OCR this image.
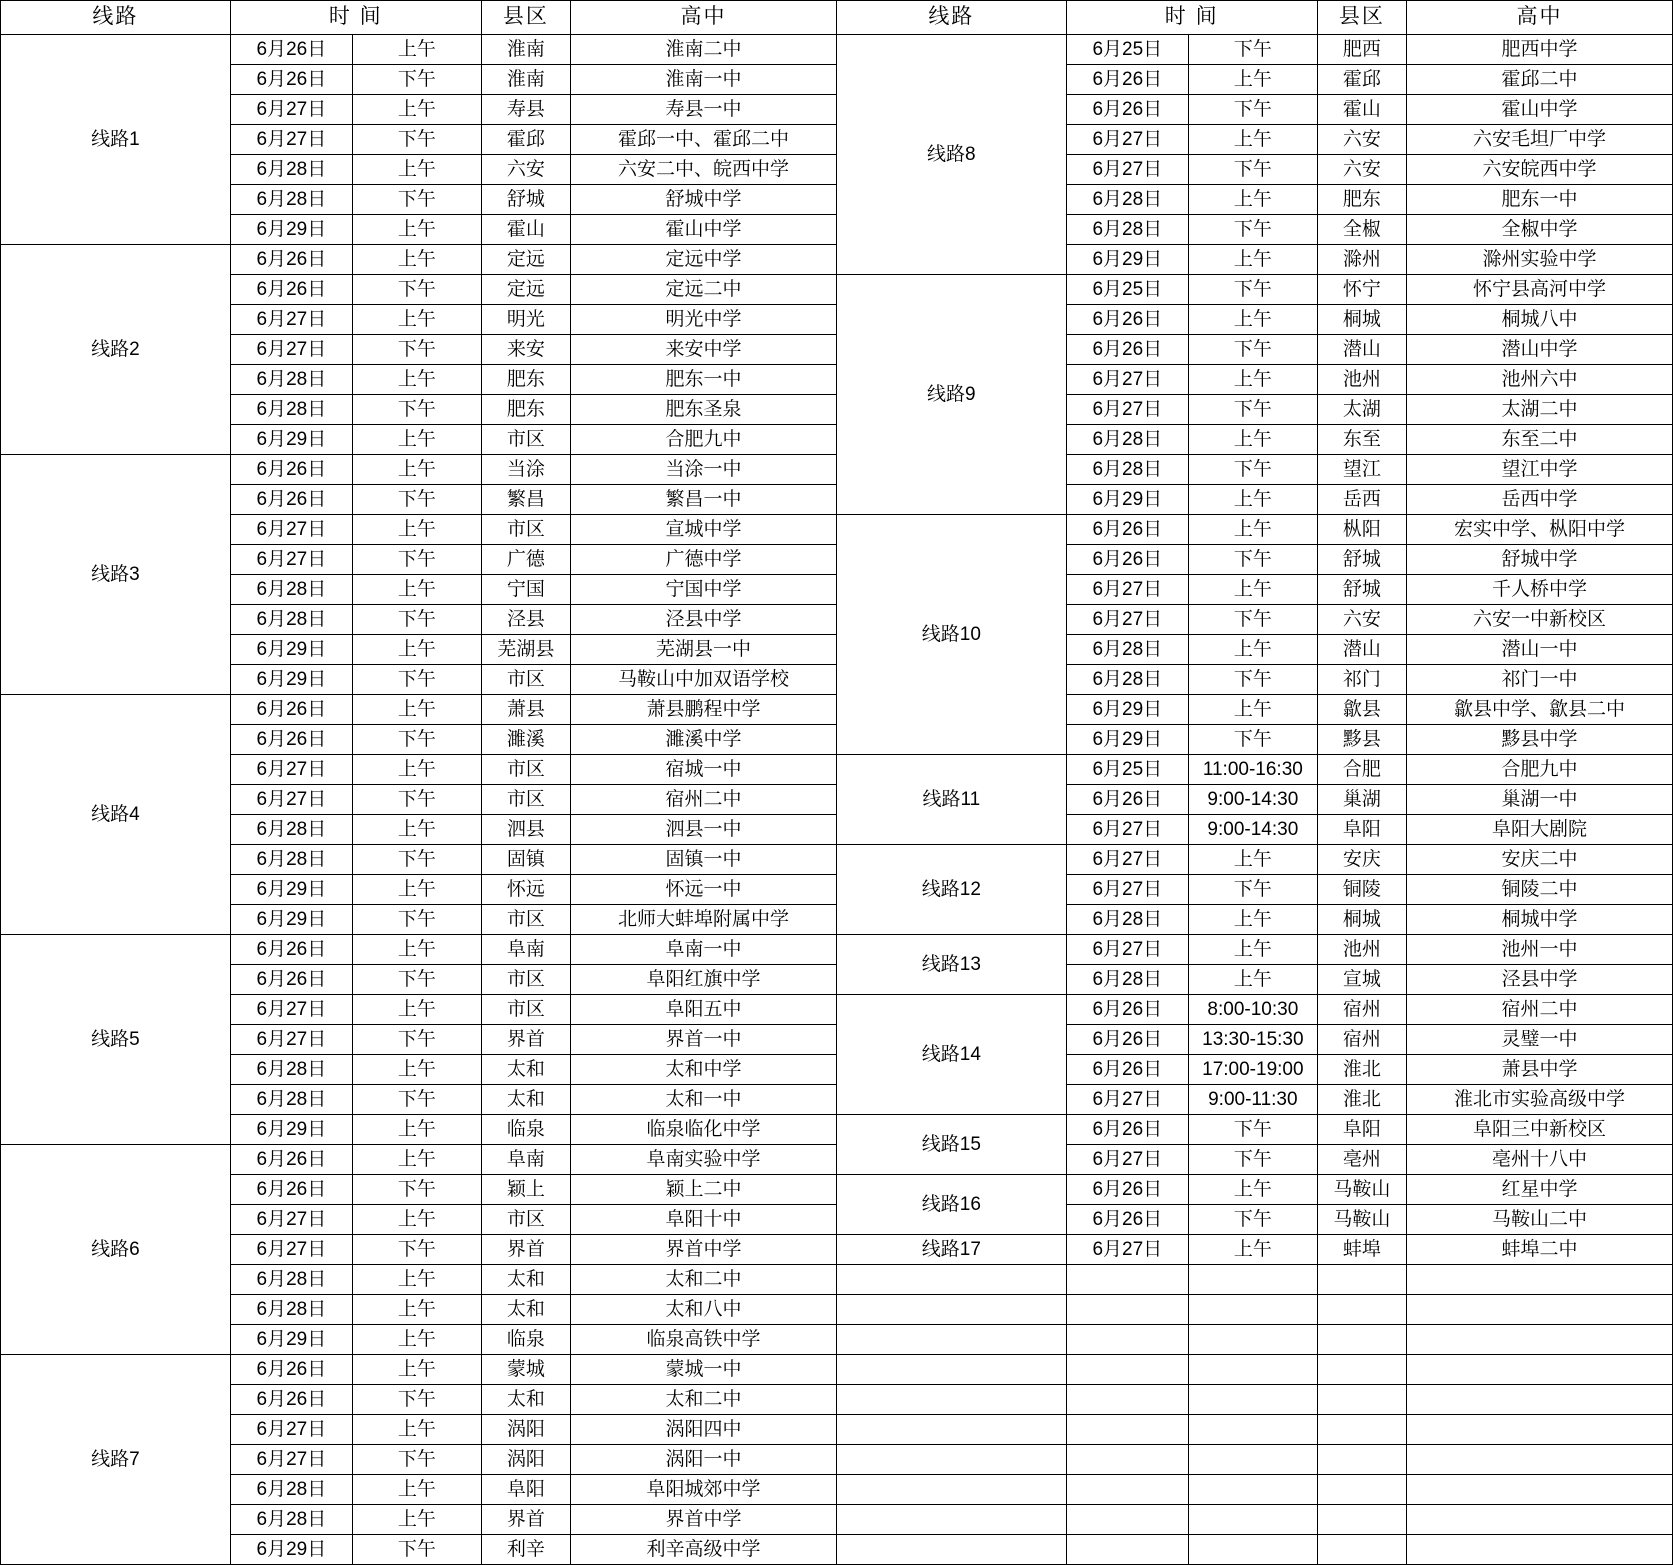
线路	时 间		县区	高中	线路	时 间		县区	高中
线路1	6月26日	上午	淮南	淮南二中	线路8	6月25日	下午	肥西	肥西中学
	6月26日	下午	淮南	淮南一中		6月26日	上午	霍邱	霍邱二中
	6月27日	上午	寿县	寿县一中		6月26日	下午	霍山	霍山中学
	6月27日	下午	霍邱	霍邱一中、霍邱二中		6月27日	上午	六安	六安毛坦厂中学
	6月28日	上午	六安	六安二中、皖西中学		6月27日	下午	六安	六安皖西中学
	6月28日	下午	舒城	舒城中学		6月28日	上午	肥东	肥东一中
	6月29日	上午	霍山	霍山中学		6月28日	下午	全椒	全椒中学
线路2	6月26日	上午	定远	定远中学		6月29日	上午	滁州	滁州实验中学
	6月26日	下午	定远	定远二中	线路9	6月25日	下午	怀宁	怀宁县高河中学
	6月27日	上午	明光	明光中学		6月26日	上午	桐城	桐城八中
	6月27日	下午	来安	来安中学		6月26日	下午	潜山	潜山中学
	6月28日	上午	肥东	肥东一中		6月27日	上午	池州	池州六中
	6月28日	下午	肥东	肥东圣泉		6月27日	下午	太湖	太湖二中
	6月29日	上午	市区	合肥九中		6月28日	上午	东至	东至二中
线路3	6月26日	上午	当涂	当涂一中		6月28日	下午	望江	望江中学
	6月26日	下午	繁昌	繁昌一中		6月29日	上午	岳西	岳西中学
	6月27日	上午	市区	宣城中学	线路10	6月26日	上午	枞阳	宏实中学、枞阳中学
	6月27日	下午	广德	广德中学		6月26日	下午	舒城	舒城中学
	6月28日	上午	宁国	宁国中学		6月27日	上午	舒城	千人桥中学
	6月28日	下午	泾县	泾县中学		6月27日	下午	六安	六安一中新校区
	6月29日	上午	芜湖县	芜湖县一中		6月28日	上午	潜山	潜山一中
	6月29日	下午	市区	马鞍山中加双语学校		6月28日	下午	祁门	祁门一中
线路4	6月26日	上午	萧县	萧县鹏程中学		6月29日	上午	歙县	歙县中学、歙县二中
	6月26日	下午	濉溪	濉溪中学		6月29日	下午	黟县	黟县中学
	6月27日	上午	市区	宿城一中	线路11	6月25日	11:00-16:30	合肥	合肥九中
	6月27日	下午	市区	宿州二中		6月26日	9:00-14:30	巢湖	巢湖一中
	6月28日	上午	泗县	泗县一中		6月27日	9:00-14:30	阜阳	阜阳大剧院
	6月28日	下午	固镇	固镇一中	线路12	6月27日	上午	安庆	安庆二中
	6月29日	上午	怀远	怀远一中		6月27日	下午	铜陵	铜陵二中
	6月29日	下午	市区	北师大蚌埠附属中学		6月28日	上午	桐城	桐城中学
线路5	6月26日	上午	阜南	阜南一中	线路13	6月27日	上午	池州	池州一中
	6月26日	下午	市区	阜阳红旗中学		6月28日	上午	宣城	泾县中学
	6月27日	上午	市区	阜阳五中	线路14	6月26日	8:00-10:30	宿州	宿州二中
	6月27日	下午	界首	界首一中		6月26日	13:30-15:30	宿州	灵璧一中
	6月28日	上午	太和	太和中学		6月26日	17:00-19:00	淮北	萧县中学
	6月28日	下午	太和	太和一中		6月27日	9:00-11:30	淮北	淮北市实验高级中学
	6月29日	上午	临泉	临泉临化中学	线路15	6月26日	下午	阜阳	阜阳三中新校区
线路6	6月26日	上午	阜南	阜南实验中学		6月27日	下午	亳州	亳州十八中
	6月26日	下午	颖上	颖上二中	线路16	6月26日	上午	马鞍山	红星中学
	6月27日	上午	市区	阜阳十中		6月26日	下午	马鞍山	马鞍山二中
	6月27日	下午	界首	界首中学	线路17	6月27日	上午	蚌埠	蚌埠二中
	6月28日	上午	太和	太和二中					
	6月28日	上午	太和	太和八中					
	6月29日	上午	临泉	临泉高铁中学					
线路7	6月26日	上午	蒙城	蒙城一中					
	6月26日	下午	太和	太和二中					
	6月27日	上午	涡阳	涡阳四中					
	6月27日	下午	涡阳	涡阳一中					
	6月28日	上午	阜阳	阜阳城郊中学					
	6月28日	上午	界首	界首中学					
	6月29日	下午	利辛	利辛高级中学					
